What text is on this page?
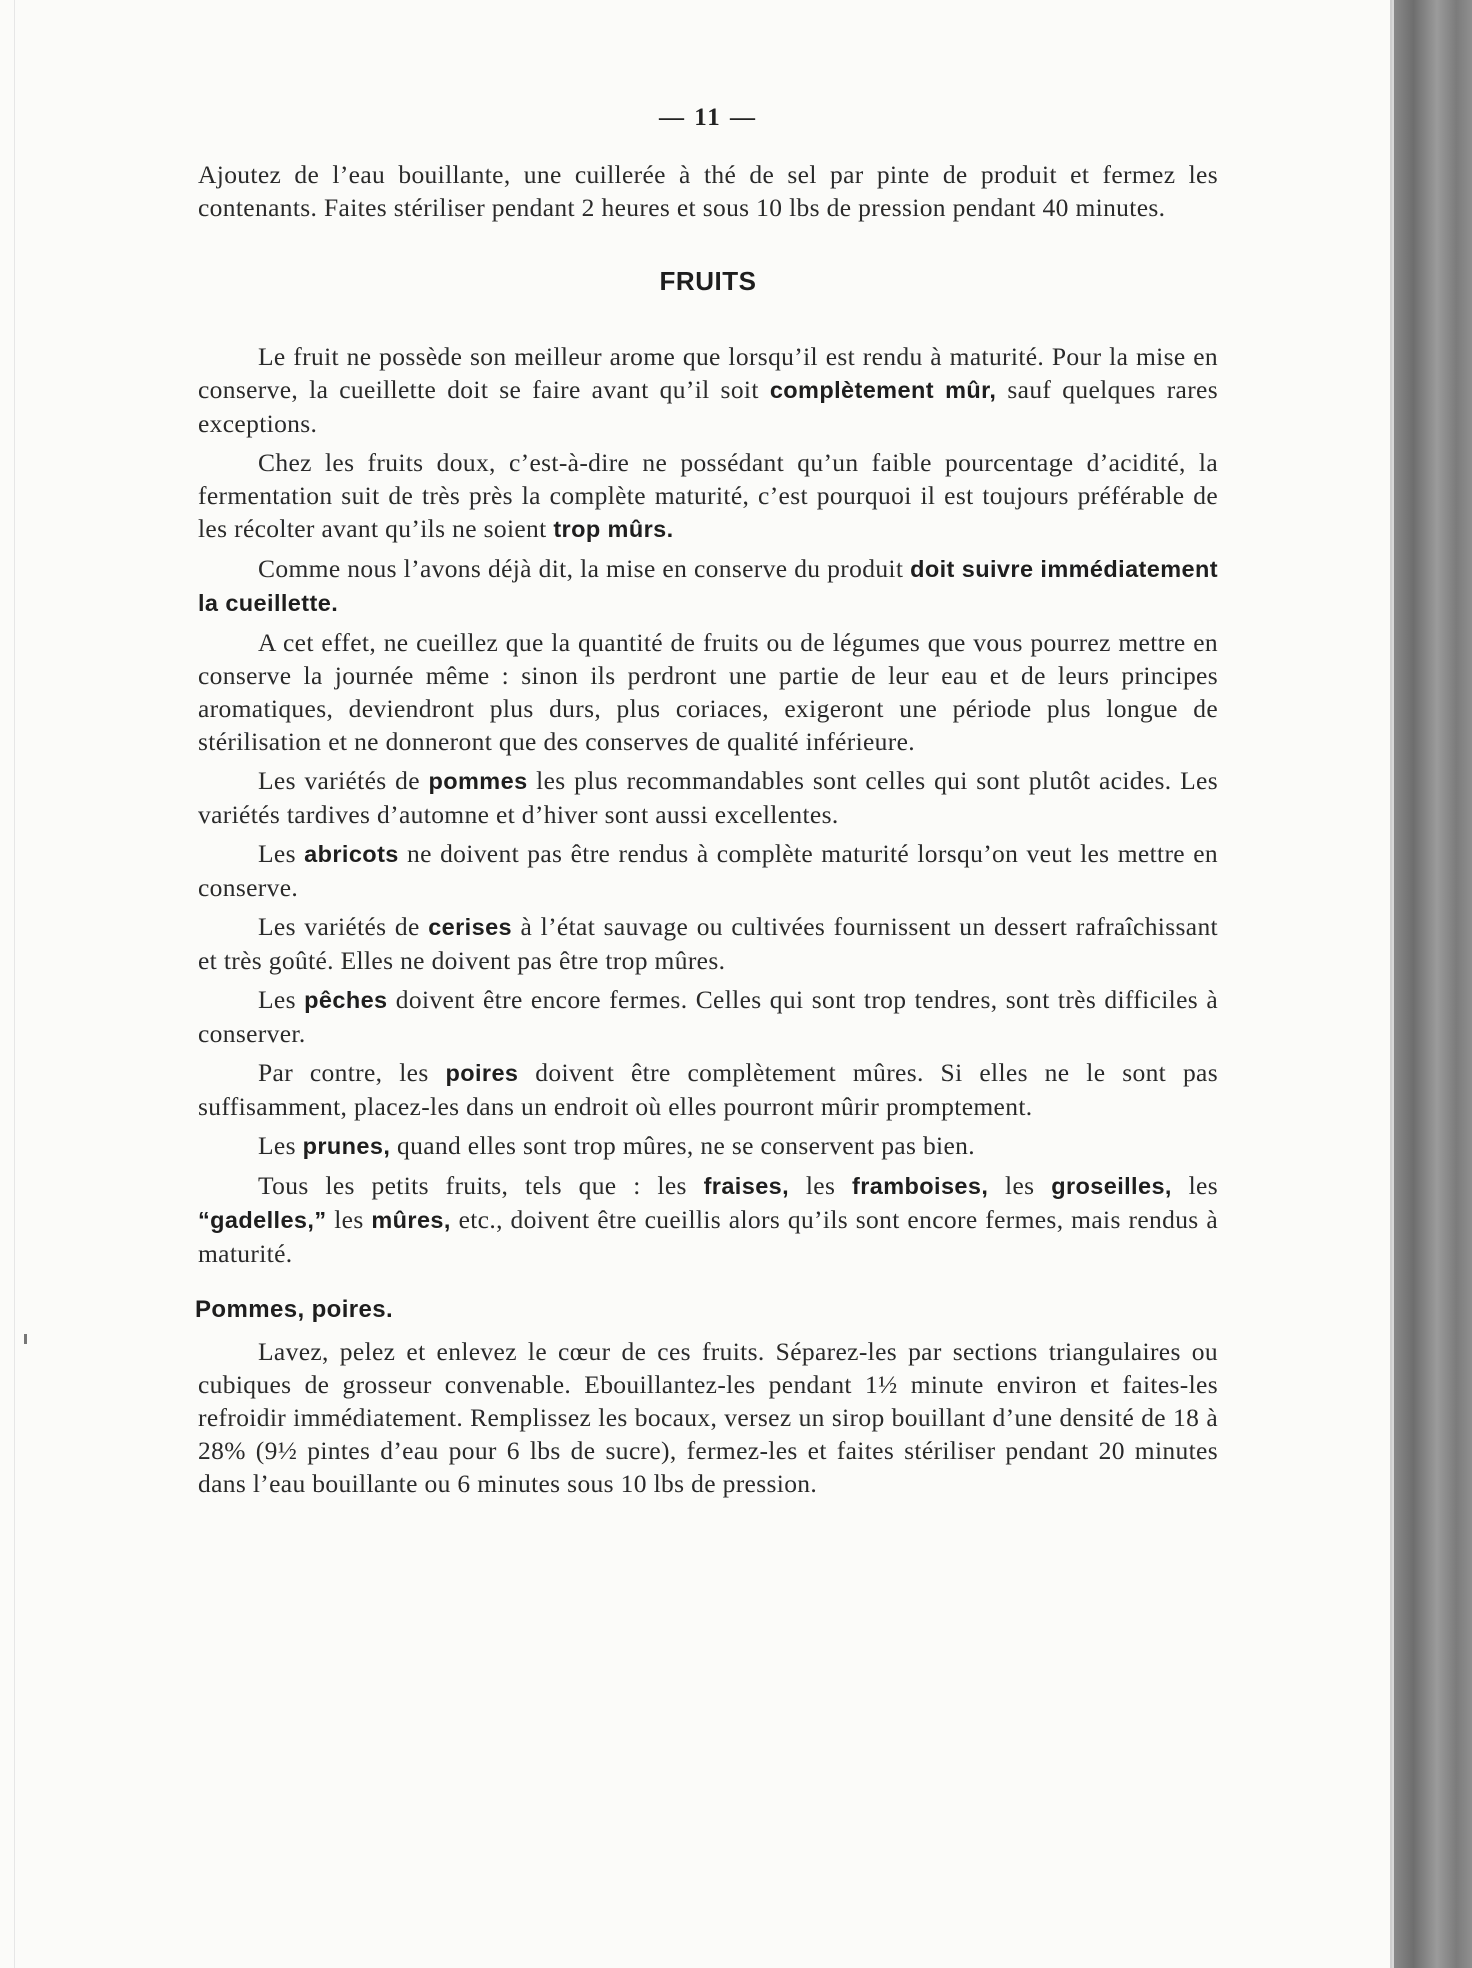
— 11 —

Ajoutez de l’eau bouillante, une cuillerée à thé de sel par pinte de produit et fermez les contenants. Faites stériliser pendant 2 heures et sous 10 lbs de pression pendant 40 minutes.

FRUITS

Le fruit ne possède son meilleur arome que lorsqu’il est rendu à maturité. Pour la mise en conserve, la cueillette doit se faire avant qu’il soit complètement mûr, sauf quelques rares exceptions.

Chez les fruits doux, c’est-à-dire ne possédant qu’un faible pourcentage d’acidité, la fermentation suit de très près la complète maturité, c’est pourquoi il est toujours préférable de les récolter avant qu’ils ne soient trop mûrs.

Comme nous l’avons déjà dit, la mise en conserve du produit doit suivre immédiatement la cueillette.

A cet effet, ne cueillez que la quantité de fruits ou de légumes que vous pourrez mettre en conserve la journée même : sinon ils perdront une partie de leur eau et de leurs principes aromatiques, deviendront plus durs, plus coriaces, exigeront une période plus longue de stérilisation et ne donneront que des conserves de qualité inférieure.

Les variétés de pommes les plus recommandables sont celles qui sont plutôt acides. Les variétés tardives d’automne et d’hiver sont aussi excellentes.

Les abricots ne doivent pas être rendus à complète maturité lorsqu’on veut les mettre en conserve.

Les variétés de cerises à l’état sauvage ou cultivées fournissent un dessert rafraîchissant et très goûté. Elles ne doivent pas être trop mûres.

Les pêches doivent être encore fermes. Celles qui sont trop tendres, sont très difficiles à conserver.

Par contre, les poires doivent être complètement mûres. Si elles ne le sont pas suffisamment, placez-les dans un endroit où elles pourront mûrir promptement.

Les prunes, quand elles sont trop mûres, ne se conservent pas bien.

Tous les petits fruits, tels que : les fraises, les framboises, les groseilles, les “gadelles,” les mûres, etc., doivent être cueillis alors qu’ils sont encore fermes, mais rendus à maturité.

Pommes, poires.

Lavez, pelez et enlevez le cœur de ces fruits. Séparez-les par sections triangulaires ou cubiques de grosseur convenable. Ebouillantez-les pendant 1½ minute environ et faites-les refroidir immédiatement. Remplissez les bocaux, versez un sirop bouillant d’une densité de 18 à 28% (9½ pintes d’eau pour 6 lbs de sucre), fermez-les et faites stériliser pendant 20 minutes dans l’eau bouillante ou 6 minutes sous 10 lbs de pression.
